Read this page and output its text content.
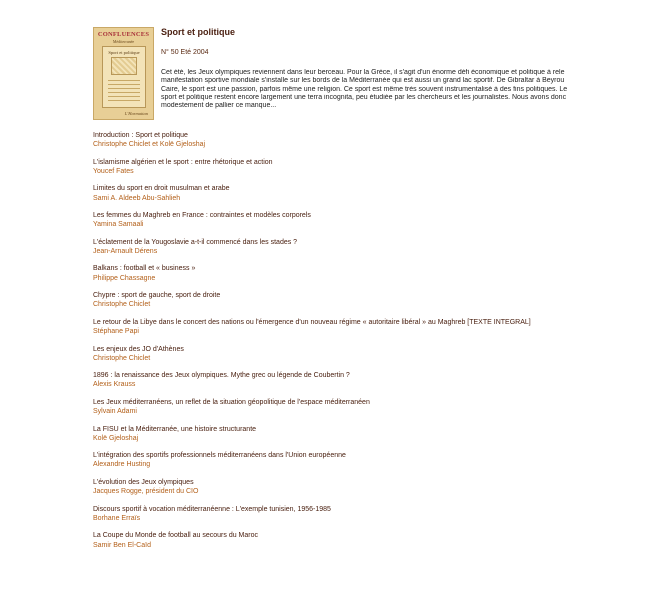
CONFLUENCES
Méditerranée
Sport et politique
L'Harmattan
Sport et politique
N° 50 Eté 2004

Cet été, les Jeux olympiques reviennent dans leur berceau. Pour la Grèce, il s'agit d'un énorme défi économique et politique à rele

manifestation sportive mondiale s'installe sur les bords de la Méditerranée qui est aussi un grand lac sportif. De Gibraltar à Beyrou

Caire, le sport est une passion, parfois même une religion. Ce sport est même très souvent instrumentalisé à des fins politiques. Le

sport et politique restent encore largement une terra incognita, peu étudiée par les chercheurs et les journalistes. Nous avons donc

modestement de pallier ce manque...

Introduction : Sport et politique
Christophe Chiclet et Kolë Gjeloshaj
L'islamisme algérien et le sport : entre rhétorique et action
Youcef Fates
Limites du sport en droit musulman et arabe
Sami A. Aldeeb Abu-Sahlieh
Les femmes du Maghreb en France : contraintes et modèles corporels
Yamina Samaali
L'éclatement de la Yougoslavie a-t-il commencé dans les stades ?
Jean-Arnault Dérens
Balkans : football et « business »
Philippe Chassagne
Chypre : sport de gauche, sport de droite
Christophe Chiclet
Le retour de la Libye dans le concert des nations ou l'émergence d'un nouveau régime « autoritaire libéral » au Maghreb [TEXTE INTEGRAL]
Stéphane Papi
Les enjeux des JO d'Athènes
Christophe Chiclet
1896 : la renaissance des Jeux olympiques. Mythe grec ou légende de Coubertin ?
Alexis Krauss
Les Jeux méditerranéens, un reflet de la situation géopolitique de l'espace méditerranéen
Sylvain Adami
La FISU et la Méditerranée, une histoire structurante
Kolë Gjeloshaj
L'intégration des sportifs professionnels méditerranéens dans l'Union européenne
Alexandre Husting
L'évolution des Jeux olympiques
Jacques Rogge, président du CIO
Discours sportif à vocation méditerranéenne : L'exemple tunisien, 1956-1985
Borhane Erraïs
La Coupe du Monde de football au secours du Maroc
Samir Ben El-Caïd
